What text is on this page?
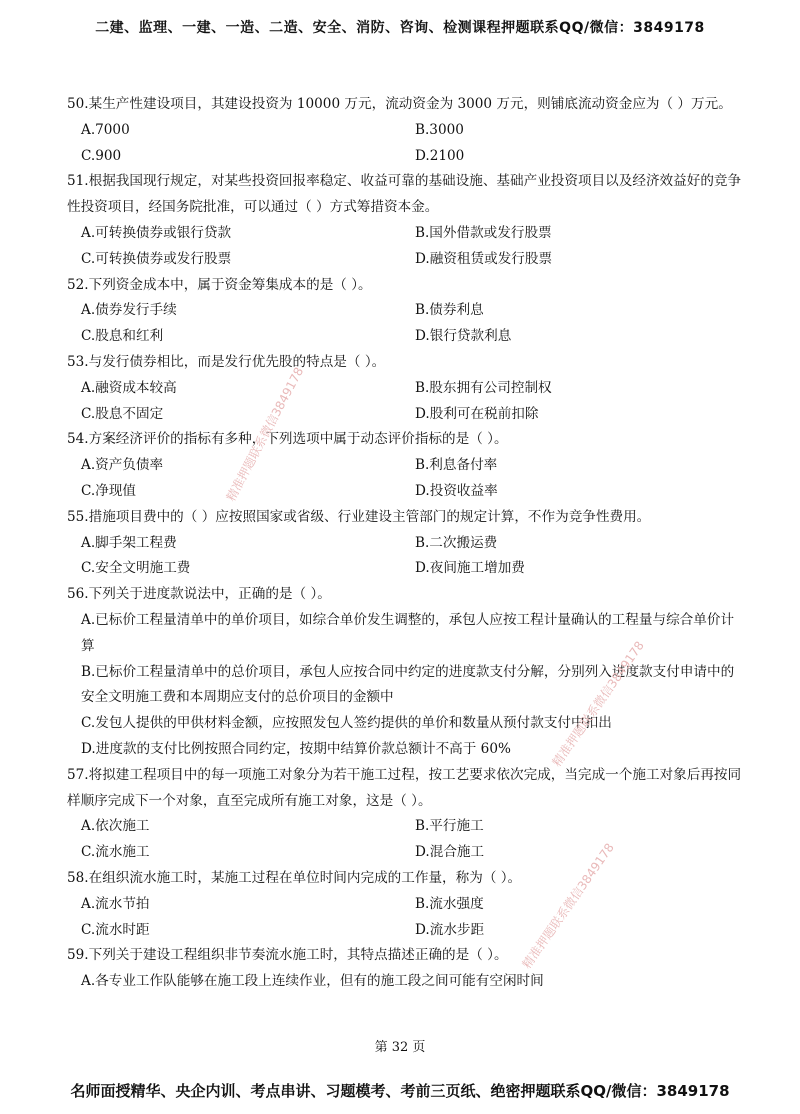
二建、监理、一建、一造、二造、安全、消防、咨询、检测课程押题联系QQ/微信：3849178
50.某生产性建设项目，其建设投资为 10000 万元，流动资金为 3000 万元，则铺底流动资金应为（ ）万元。
A.7000	B.3000
C.900	D.2100
51.根据我国现行规定，对某些投资回报率稳定、收益可靠的基础设施、基础产业投资项目以及经济效益好的竞争性投资项目，经国务院批准，可以通过（ ）方式筹措资本金。
A.可转换债券或银行贷款	B.国外借款或发行股票
C.可转换债券或发行股票	D.融资租赁或发行股票
52.下列资金成本中，属于资金筹集成本的是（ ）。
A.债券发行手续	B.债券利息
C.股息和红利	D.银行贷款利息
53.与发行债券相比，而是发行优先股的特点是（ ）。
A.融资成本较高	B.股东拥有公司控制权
C.股息不固定	D.股利可在税前扣除
54.方案经济评价的指标有多种，下列选项中属于动态评价指标的是（ ）。
A.资产负债率	B.利息备付率
C.净现值	D.投资收益率
55.措施项目费中的（ ）应按照国家或省级、行业建设主管部门的规定计算，不作为竞争性费用。
A.脚手架工程费	B.二次搬运费
C.安全文明施工费	D.夜间施工增加费
56.下列关于进度款说法中，正确的是（ ）。
A.已标价工程量清单中的单价项目，如综合单价发生调整的，承包人应按工程计量确认的工程量与综合单价计算
B.已标价工程量清单中的总价项目，承包人应按合同中约定的进度款支付分解，分别列入进度款支付申请中的安全文明施工费和本周期应支付的总价项目的金额中
C.发包人提供的甲供材料金额，应按照发包人签约提供的单价和数量从预付款支付中扣出
D.进度款的支付比例按照合同约定，按期中结算价款总额计不高于 60%
57.将拟建工程项目中的每一项施工对象分为若干施工过程，按工艺要求依次完成，当完成一个施工对象后再按同样顺序完成下一个对象，直至完成所有施工对象，这是（ ）。
A.依次施工	B.平行施工
C.流水施工	D.混合施工
58.在组织流水施工时，某施工过程在单位时间内完成的工作量，称为（ ）。
A.流水节拍	B.流水强度
C.流水时距	D.流水步距
59.下列关于建设工程组织非节奏流水施工时，其特点描述正确的是（ ）。
A.各专业工作队能够在施工段上连续作业，但有的施工段之间可能有空闲时间
精准押题联系微信3849178
精准押题联系微信3849178
精准押题联系微信3849178
第 32 页
名师面授精华、央企内训、考点串讲、习题模考、考前三页纸、绝密押题联系QQ/微信：3849178
